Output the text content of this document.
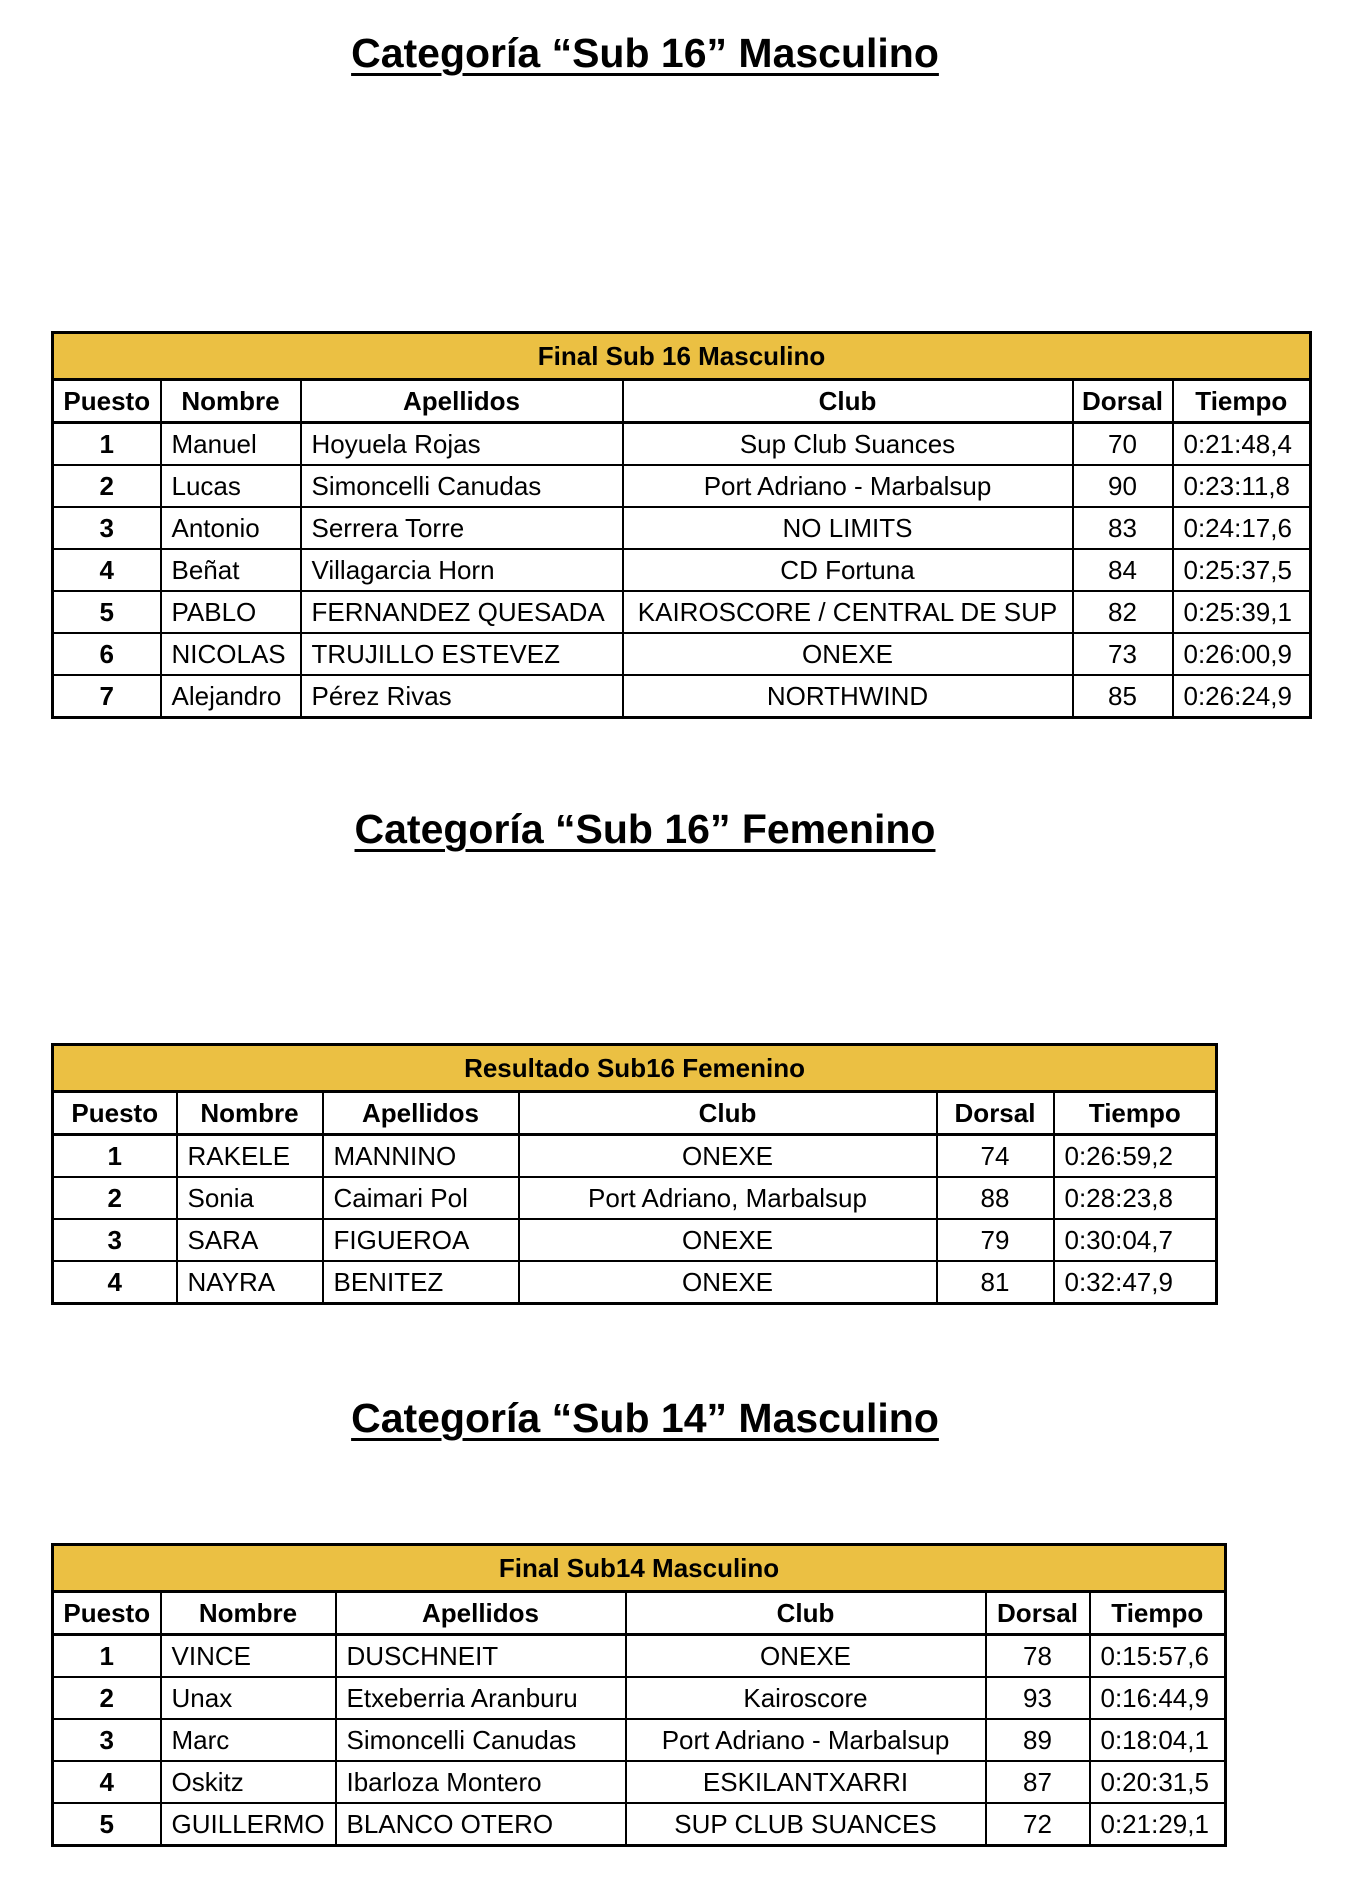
Categoría “Sub 16” Masculino
Final Sub 16 Masculino					
Puesto	Nombre	Apellidos	Club	Dorsal	Tiempo
1	Manuel	Hoyuela Rojas	Sup Club Suances	70	0:21:48,4
2	Lucas	Simoncelli Canudas	Port Adriano - Marbalsup	90	0:23:11,8
3	Antonio	Serrera Torre	NO LIMITS	83	0:24:17,6
4	Beñat	Villagarcia Horn	CD Fortuna	84	0:25:37,5
5	PABLO	FERNANDEZ QUESADA	KAIROSCORE / CENTRAL DE SUP	82	0:25:39,1
6	NICOLAS	TRUJILLO ESTEVEZ	ONEXE	73	0:26:00,9
7	Alejandro	Pérez Rivas	NORTHWIND	85	0:26:24,9
Categoría “Sub 16” Femenino
Resultado Sub16 Femenino					
Puesto	Nombre	Apellidos	Club	Dorsal	Tiempo
1	RAKELE	MANNINO	ONEXE	74	0:26:59,2
2	Sonia	Caimari Pol	Port Adriano, Marbalsup	88	0:28:23,8
3	SARA	FIGUEROA	ONEXE	79	0:30:04,7
4	NAYRA	BENITEZ	ONEXE	81	0:32:47,9
Categoría “Sub 14” Masculino
Final Sub14 Masculino					
Puesto	Nombre	Apellidos	Club	Dorsal	Tiempo
1	VINCE	DUSCHNEIT	ONEXE	78	0:15:57,6
2	Unax	Etxeberria Aranburu	Kairoscore	93	0:16:44,9
3	Marc	Simoncelli Canudas	Port Adriano - Marbalsup	89	0:18:04,1
4	Oskitz	Ibarloza Montero	ESKILANTXARRI	87	0:20:31,5
5	GUILLERMO	BLANCO OTERO	SUP CLUB SUANCES	72	0:21:29,1
